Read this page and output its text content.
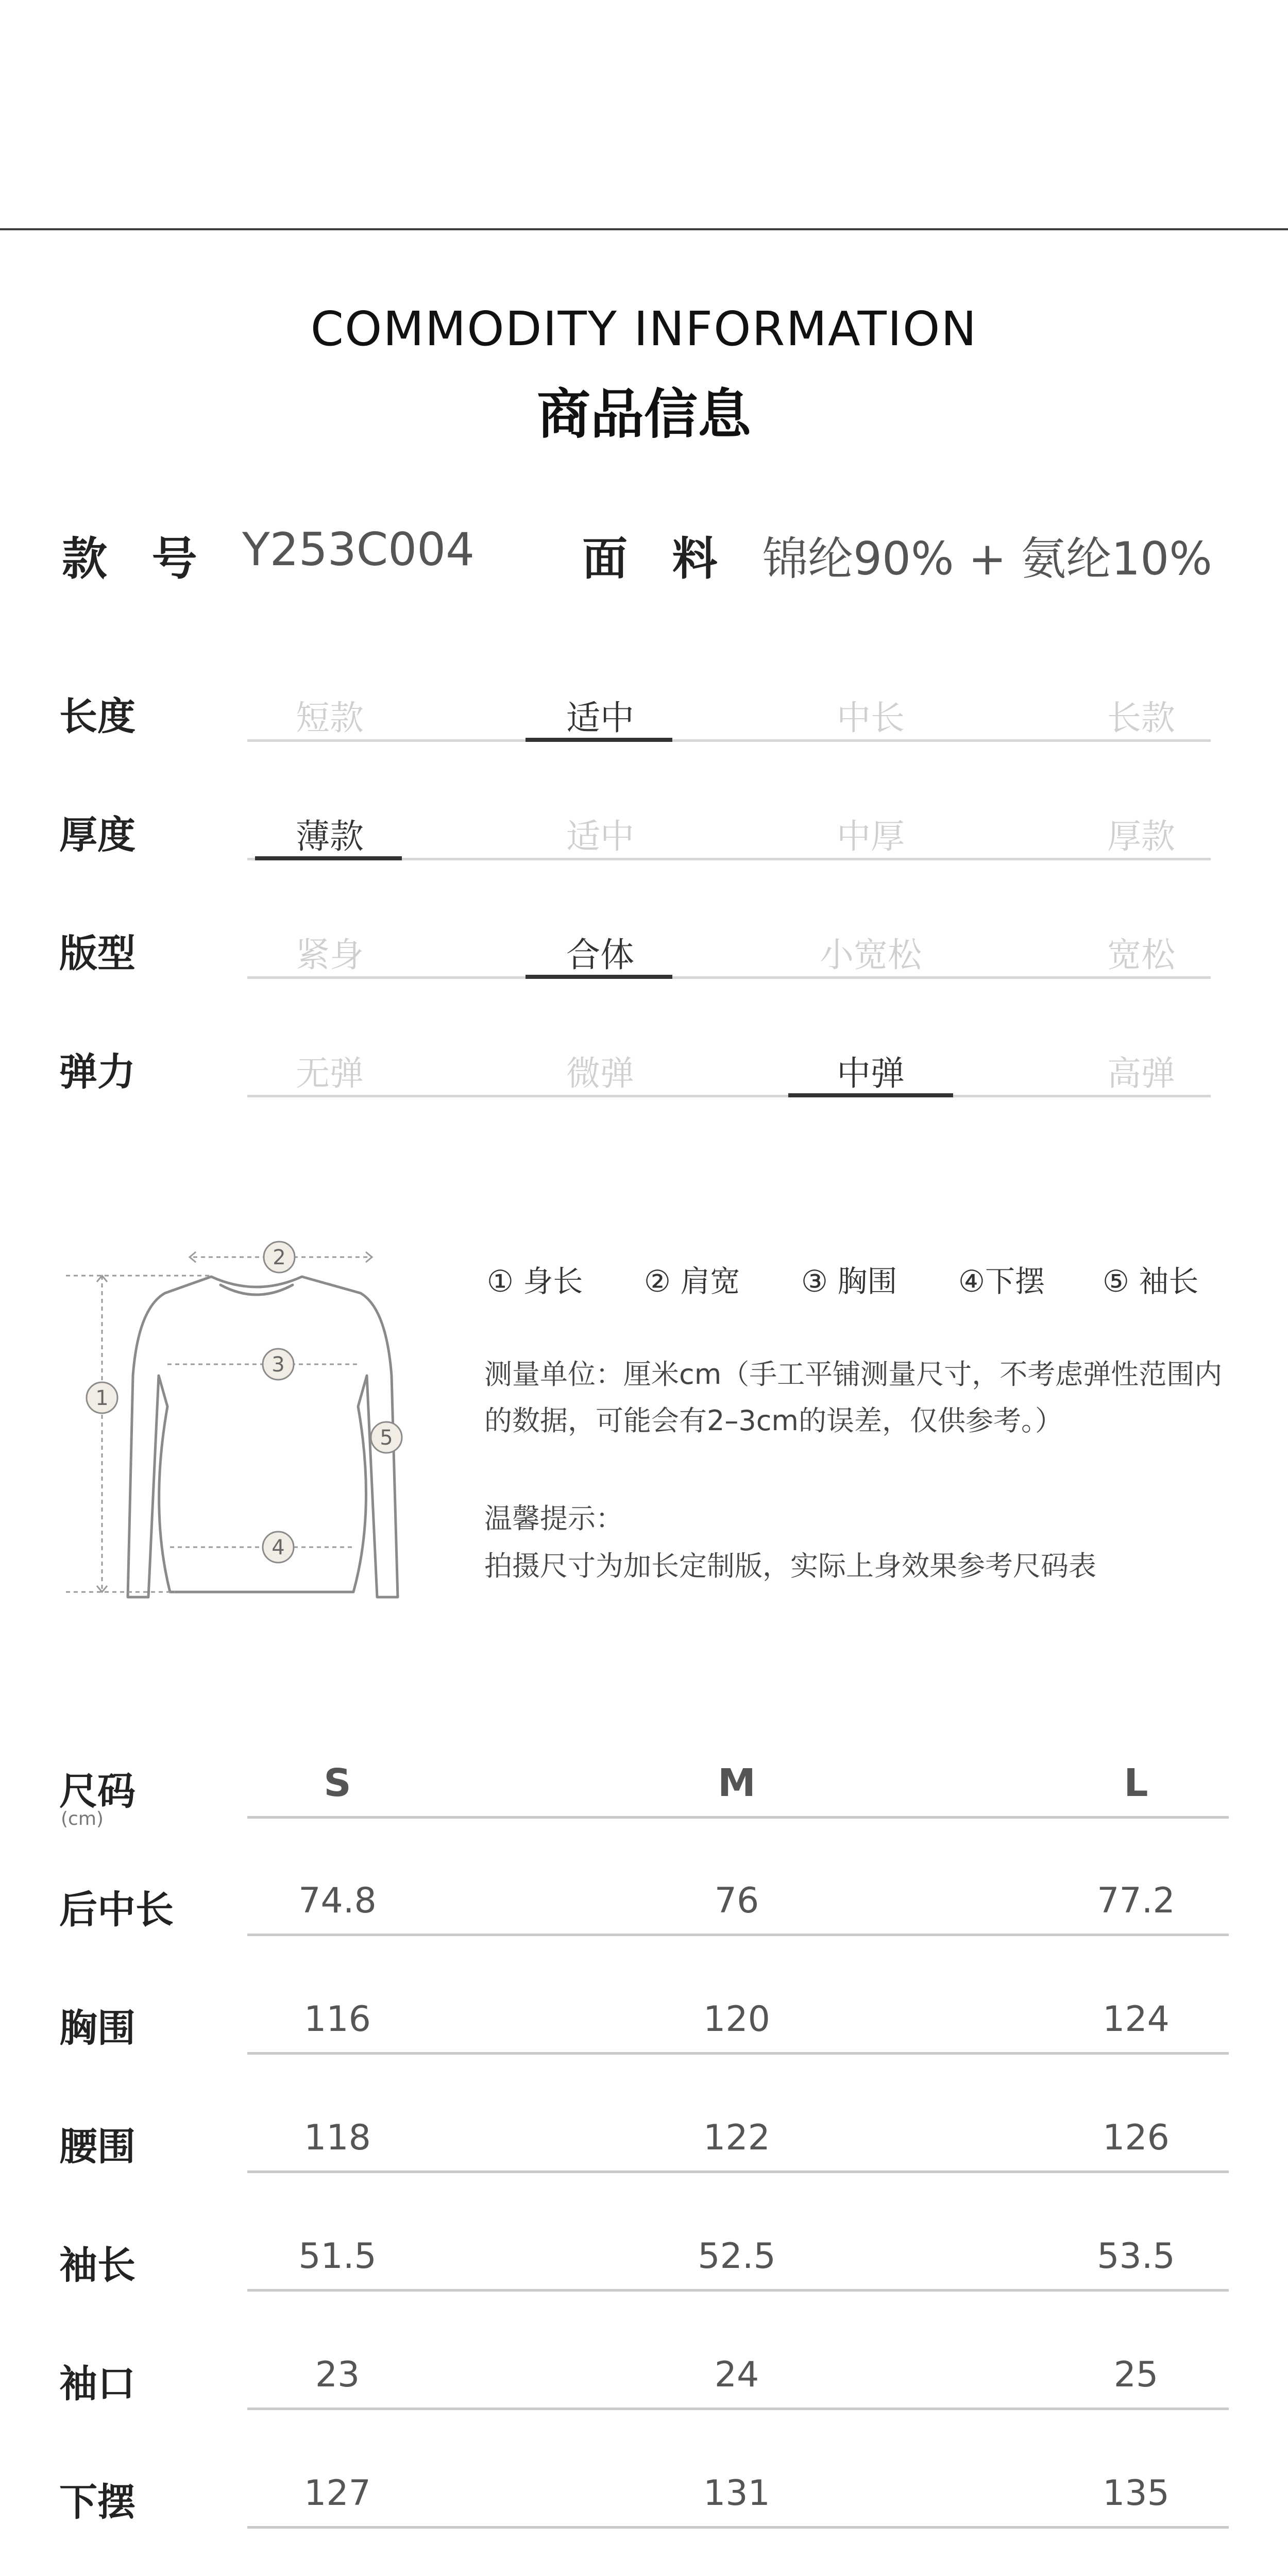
COMMODITY INFORMATION
商品信息
款 号 Y253C004 面 料 锦纶90% + 氨纶10%
长度	短款	适中	中长	长款
厚度	薄款	适中	中厚	厚款
版型	紧身	合体	小宽松	宽松
弹力	无弹	微弹	中弹	高弹
1
2
3
4
5
① 身长 ② 肩宽 ③ 胸围 ④下摆 ⑤ 袖长
测量单位：厘米cm（手工平铺测量尺寸，不考虑弹性范围内
的数据，可能会有2–3cm的误差，仅供参考。）
温馨提示：
拍摄尺寸为加长定制版，实际上身效果参考尺码表
尺码
(cm)
S	M	L
后中长	74.8	76	77.2
胸围	116	120	124
腰围	118	122	126
袖长	51.5	52.5	53.5
袖口	23	24	25
下摆	127	131	135
